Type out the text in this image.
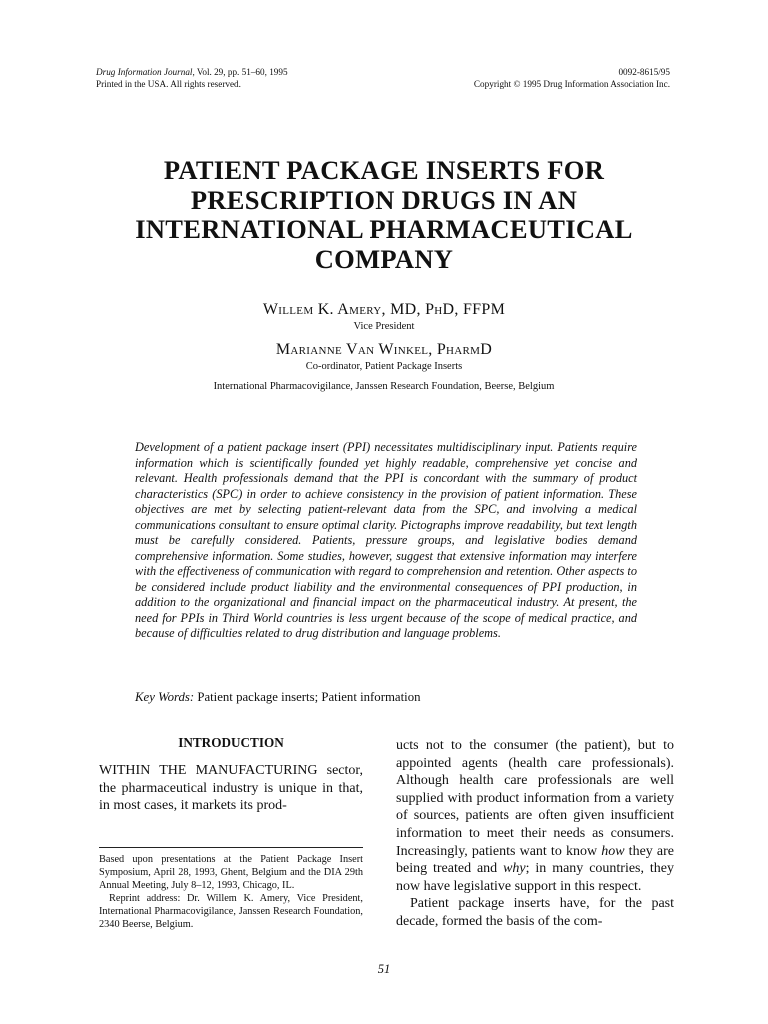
Drug Information Journal, Vol. 29, pp. 51–60, 1995
Printed in the USA. All rights reserved.
0092-8615/95
Copyright © 1995 Drug Information Association Inc.
PATIENT PACKAGE INSERTS FOR
PRESCRIPTION DRUGS IN AN
INTERNATIONAL PHARMACEUTICAL
COMPANY
Willem K. Amery, MD, PhD, FFPM
Vice President
Marianne Van Winkel, PharmD
Co-ordinator, Patient Package Inserts
International Pharmacovigilance, Janssen Research Foundation, Beerse, Belgium
Development of a patient package insert (PPI) necessitates multidisciplinary input. Patients require information which is scientifically founded yet highly readable, comprehensive yet concise and relevant. Health professionals demand that the PPI is concordant with the summary of product characteristics (SPC) in order to achieve consistency in the provision of patient information. These objectives are met by selecting patient-relevant data from the SPC, and involving a medical communications consultant to ensure optimal clarity. Pictographs improve readability, but text length must be carefully considered. Patients, pressure groups, and legislative bodies demand comprehensive information. Some studies, however, suggest that extensive information may interfere with the effectiveness of communication with regard to comprehension and retention. Other aspects to be considered include product liability and the environmental consequences of PPI production, in addition to the organizational and financial impact on the pharmaceutical industry. At present, the need for PPIs in Third World countries is less urgent because of the scope of medical practice, and because of difficulties related to drug distribution and language problems.
Key Words: Patient package inserts; Patient information
INTRODUCTION
WITHIN THE MANUFACTURING sector, the pharmaceutical industry is unique in that, in most cases, it markets its prod-

Based upon presentations at the Patient Package Insert Symposium, April 28, 1993, Ghent, Belgium and the DIA 29th Annual Meeting, July 8–12, 1993, Chicago, IL.

Reprint address: Dr. Willem K. Amery, Vice President, International Pharmacovigilance, Janssen Research Foundation, 2340 Beerse, Belgium.

ucts not to the consumer (the patient), but to appointed agents (health care professionals). Although health care professionals are well supplied with product information from a variety of sources, patients are often given insufficient information to meet their needs as consumers. Increasingly, patients want to know how they are being treated and why; in many countries, they now have legislative support in this respect.

Patient package inserts have, for the past decade, formed the basis of the com-

51
